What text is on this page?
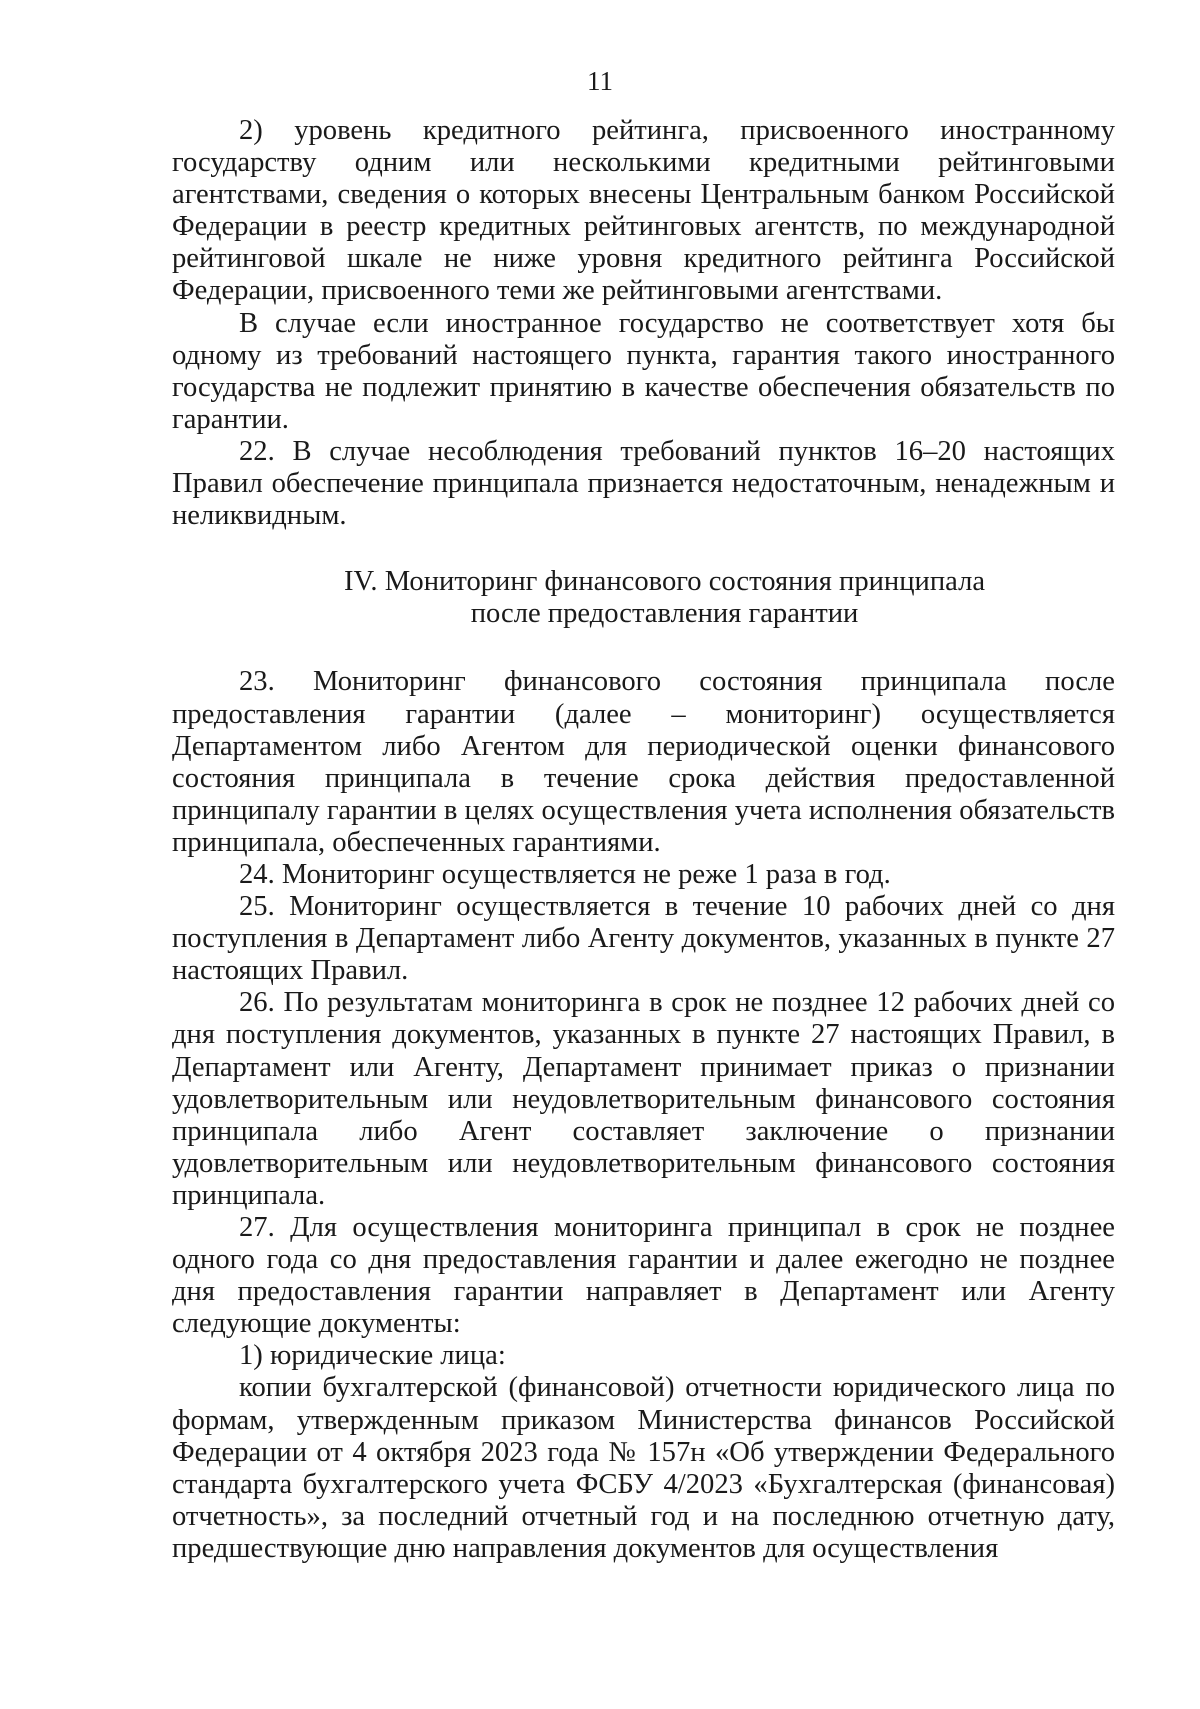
11

2) уровень кредитного рейтинга, присвоенного иностранному государству одним или несколькими кредитными рейтинговыми агентствами, сведения о которых внесены Центральным банком Российской Федерации в реестр кредитных рейтинговых агентств, по международной рейтинговой шкале не ниже уровня кредитного рейтинга Российской Федерации, присвоенного теми же рейтинговыми агентствами.

В случае если иностранное государство не соответствует хотя бы одному из требований настоящего пункта, гарантия такого иностранного государства не подлежит принятию в качестве обеспечения обязательств по гарантии.

22. В случае несоблюдения требований пунктов 16–20 настоящих Правил обеспечение принципала признается недостаточным, ненадежным и неликвидным.

IV. Мониторинг финансового состояния принципала
после предоставления гарантии

23. Мониторинг финансового состояния принципала после предоставления гарантии (далее – мониторинг) осуществляется Департаментом либо Агентом для периодической оценки финансового состояния принципала в течение срока действия предоставленной принципалу гарантии в целях осуществления учета исполнения обязательств принципала, обеспеченных гарантиями.

24. Мониторинг осуществляется не реже 1 раза в год.

25. Мониторинг осуществляется в течение 10 рабочих дней со дня поступления в Департамент либо Агенту документов, указанных в пункте 27 настоящих Правил.

26. По результатам мониторинга в срок не позднее 12 рабочих дней со дня поступления документов, указанных в пункте 27 настоящих Правил, в Департамент или Агенту, Департамент принимает приказ о признании удовлетворительным или неудовлетворительным финансового состояния принципала либо Агент составляет заключение о признании удовлетворительным или неудовлетворительным финансового состояния принципала.

27. Для осуществления мониторинга принципал в срок не позднее одного года со дня предоставления гарантии и далее ежегодно не позднее дня предоставления гарантии направляет в Департамент или Агенту следующие документы:

1) юридические лица:

копии бухгалтерской (финансовой) отчетности юридического лица по формам, утвержденным приказом Министерства финансов Российской Федерации от 4 октября 2023 года № 157н «Об утверждении Федерального стандарта бухгалтерского учета ФСБУ 4/2023 «Бухгалтерская (финансовая) отчетность», за последний отчетный год и на последнюю отчетную дату, предшествующие дню направления документов для осуществления
